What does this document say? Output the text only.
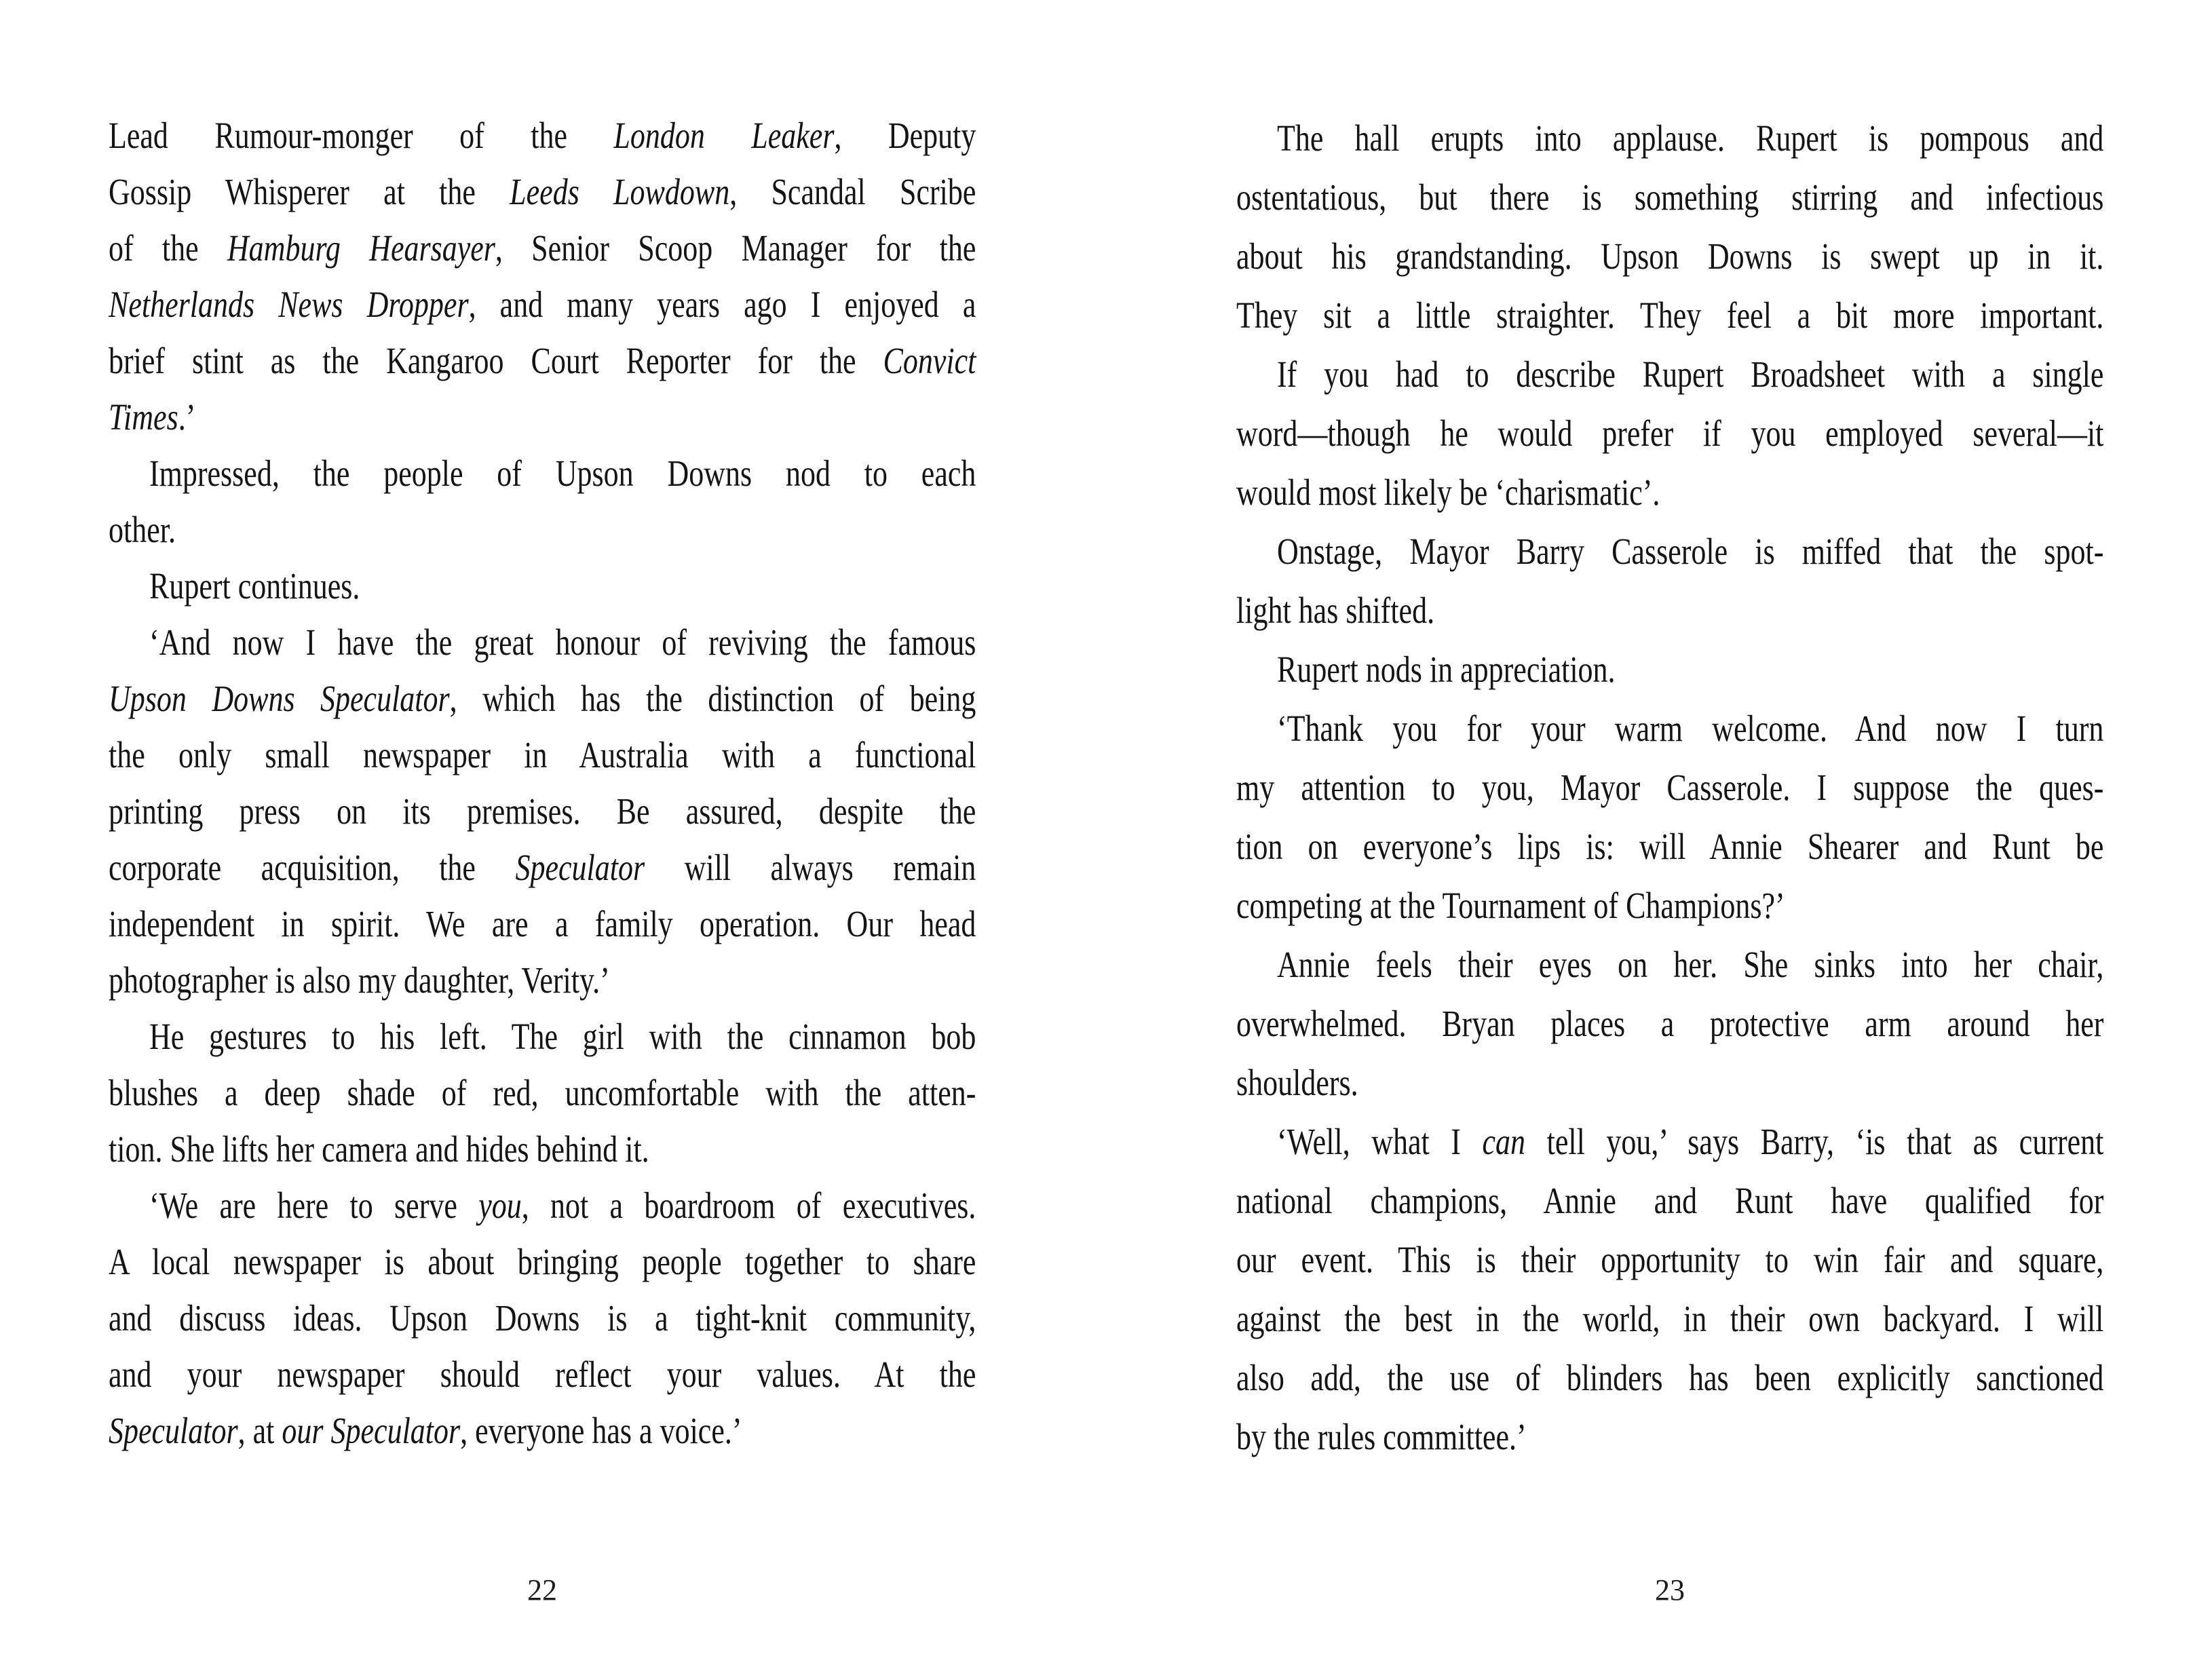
Lead Rumour-monger of the London Leaker, Deputy
Gossip Whisperer at the Leeds Lowdown, Scandal Scribe
of the Hamburg Hearsayer, Senior Scoop Manager for the
Netherlands News Dropper, and many years ago I enjoyed a
brief stint as the Kangaroo Court Reporter for the Convict
Times.’
Impressed, the people of Upson Downs nod to each
other.
Rupert continues.
‘And now I have the great honour of reviving the famous
Upson Downs Speculator, which has the distinction of being
the only small newspaper in Australia with a functional
printing press on its premises. Be assured, despite the
corporate acquisition, the Speculator will always remain
independent in spirit. We are a family operation. Our head
photographer is also my daughter, Verity.’
He gestures to his left. The girl with the cinnamon bob
blushes a deep shade of red, uncomfortable with the atten-
tion. She lifts her camera and hides behind it.
‘We are here to serve you, not a boardroom of executives.
A local newspaper is about bringing people together to share
and discuss ideas. Upson Downs is a tight-knit community,
and your newspaper should reflect your values. At the
Speculator, at our Speculator, everyone has a voice.’
22
The hall erupts into applause. Rupert is pompous and
ostentatious, but there is something stirring and infectious
about his grandstanding. Upson Downs is swept up in it.
They sit a little straighter. They feel a bit more important.
If you had to describe Rupert Broadsheet with a single
word—though he would prefer if you employed several—it
would most likely be ‘charismatic’.
Onstage, Mayor Barry Casserole is miffed that the spot-
light has shifted.
Rupert nods in appreciation.
‘Thank you for your warm welcome. And now I turn
my attention to you, Mayor Casserole. I suppose the ques-
tion on everyone’s lips is: will Annie Shearer and Runt be
competing at the Tournament of Champions?’
Annie feels their eyes on her. She sinks into her chair,
overwhelmed. Bryan places a protective arm around her
shoulders.
‘Well, what I can tell you,’ says Barry, ‘is that as current
national champions, Annie and Runt have qualified for
our event. This is their opportunity to win fair and square,
against the best in the world, in their own backyard. I will
also add, the use of blinders has been explicitly sanctioned
by the rules committee.’
23
